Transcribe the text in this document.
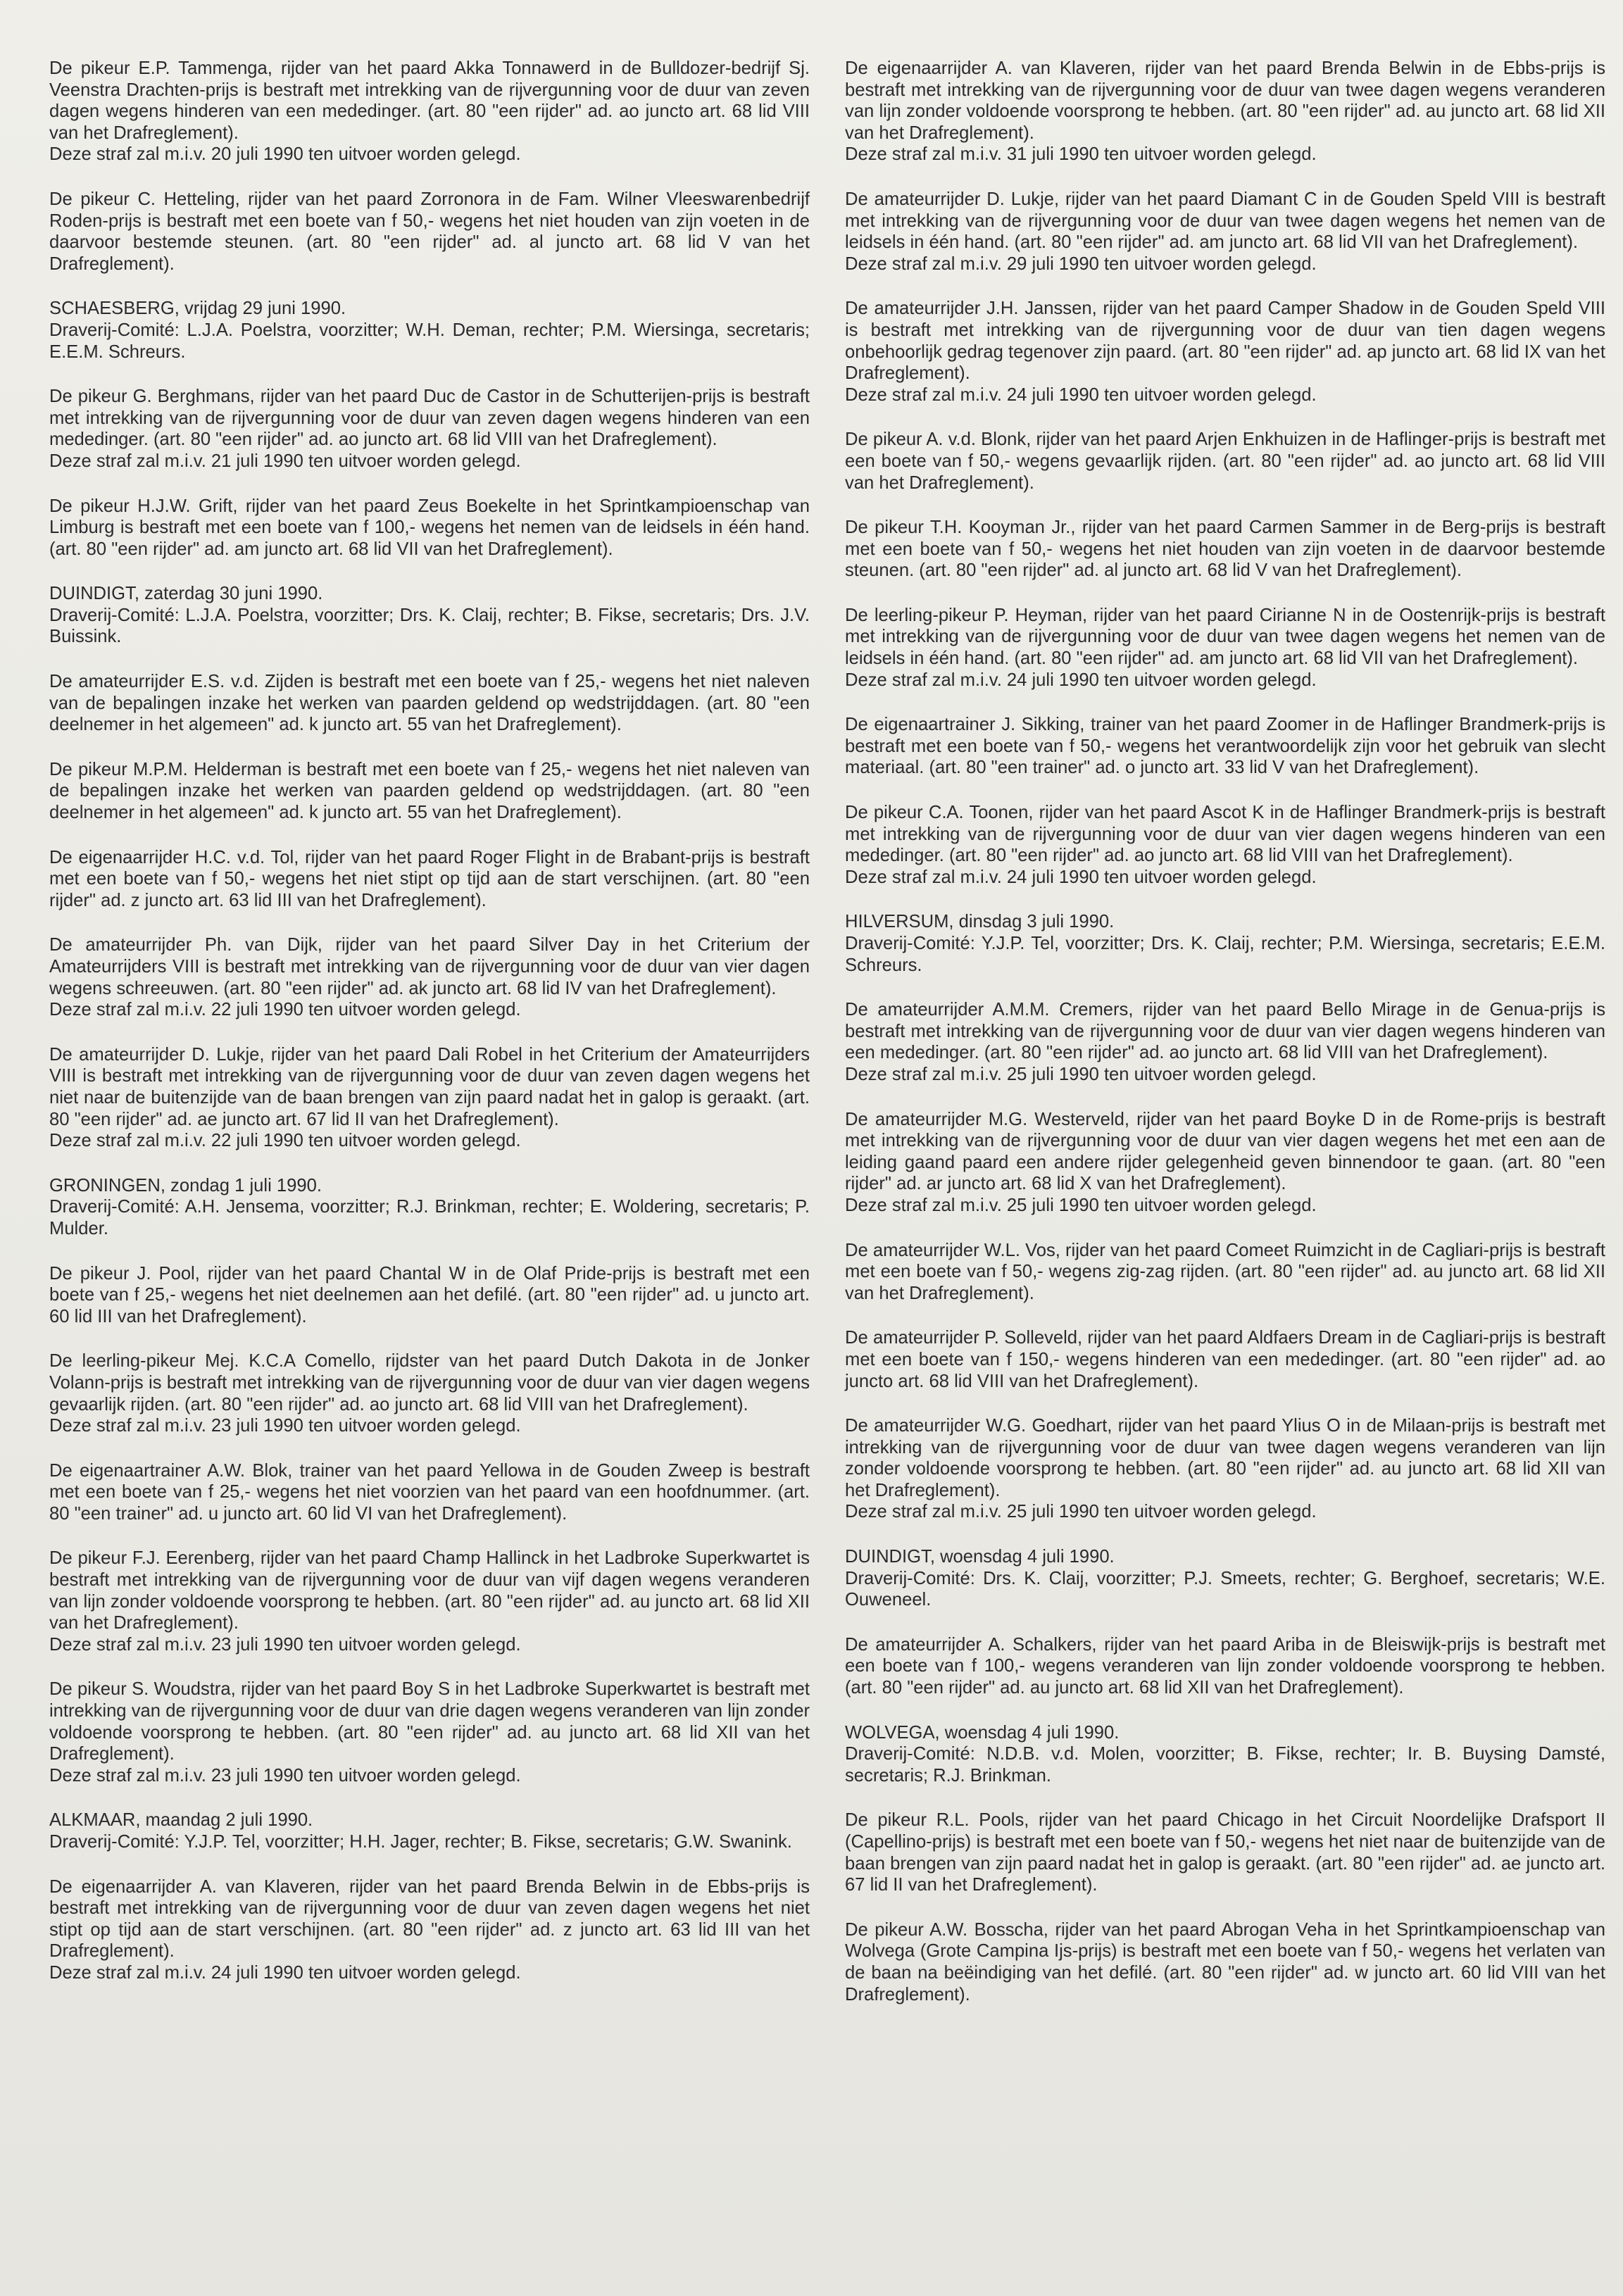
De pikeur E.P. Tammenga, rijder van het paard Akka Tonnawerd in de Bulldozer-bedrijf Sj. Veenstra Drachten-prijs is bestraft met intrekking van de rijvergunning voor de duur van zeven dagen wegens hinderen van een mededinger. (art. 80 "een rijder" ad. ao juncto art. 68 lid VIII van het Drafreglement).

Deze straf zal m.i.v. 20 juli 1990 ten uitvoer worden gelegd.

De pikeur C. Hetteling, rijder van het paard Zorronora in de Fam. Wilner Vleeswarenbedrijf Roden-prijs is bestraft met een boete van f 50,- wegens het niet houden van zijn voeten in de daarvoor bestemde steunen. (art. 80 "een rijder" ad. al juncto art. 68 lid V van het Drafreglement).

SCHAESBERG, vrijdag 29 juni 1990.

Draverij-Comité: L.J.A. Poelstra, voorzitter; W.H. Deman, rechter; P.M. Wiersinga, secretaris; E.E.M. Schreurs.

De pikeur G. Berghmans, rijder van het paard Duc de Castor in de Schutterijen-prijs is bestraft met intrekking van de rijvergunning voor de duur van zeven dagen wegens hinderen van een mededinger. (art. 80 "een rijder" ad. ao juncto art. 68 lid VIII van het Drafreglement).

Deze straf zal m.i.v. 21 juli 1990 ten uitvoer worden gelegd.

De pikeur H.J.W. Grift, rijder van het paard Zeus Boekelte in het Sprintkampioenschap van Limburg is bestraft met een boete van f 100,- wegens het nemen van de leidsels in één hand. (art. 80 "een rijder" ad. am juncto art. 68 lid VII van het Drafreglement).

DUINDIGT, zaterdag 30 juni 1990.

Draverij-Comité: L.J.A. Poelstra, voorzitter; Drs. K. Claij, rechter; B. Fikse, secretaris; Drs. J.V. Buissink.

De amateurrijder E.S. v.d. Zijden is bestraft met een boete van f 25,- wegens het niet naleven van de bepalingen inzake het werken van paarden geldend op wedstrijddagen. (art. 80 "een deelnemer in het algemeen" ad. k juncto art. 55 van het Drafreglement).

De pikeur M.P.M. Helderman is bestraft met een boete van f 25,- wegens het niet naleven van de bepalingen inzake het werken van paarden geldend op wedstrijddagen. (art. 80 "een deelnemer in het algemeen" ad. k juncto art. 55 van het Drafreglement).

De eigenaarrijder H.C. v.d. Tol, rijder van het paard Roger Flight in de Brabant-prijs is bestraft met een boete van f 50,- wegens het niet stipt op tijd aan de start verschijnen. (art. 80 "een rijder" ad. z juncto art. 63 lid III van het Drafreglement).

De amateurrijder Ph. van Dijk, rijder van het paard Silver Day in het Criterium der Amateurrijders VIII is bestraft met intrekking van de rijvergunning voor de duur van vier dagen wegens schreeuwen. (art. 80 "een rijder" ad. ak juncto art. 68 lid IV van het Drafreglement).

Deze straf zal m.i.v. 22 juli 1990 ten uitvoer worden gelegd.

De amateurrijder D. Lukje, rijder van het paard Dali Robel in het Criterium der Amateurrijders VIII is bestraft met intrekking van de rijvergunning voor de duur van zeven dagen wegens het niet naar de buitenzijde van de baan brengen van zijn paard nadat het in galop is geraakt. (art. 80 "een rijder" ad. ae juncto art. 67 lid II van het Drafreglement).

Deze straf zal m.i.v. 22 juli 1990 ten uitvoer worden gelegd.

GRONINGEN, zondag 1 juli 1990.

Draverij-Comité: A.H. Jensema, voorzitter; R.J. Brinkman, rechter; E. Woldering, secretaris; P. Mulder.

De pikeur J. Pool, rijder van het paard Chantal W in de Olaf Pride-prijs is bestraft met een boete van f 25,- wegens het niet deelnemen aan het defilé. (art. 80 "een rijder" ad. u juncto art. 60 lid III van het Drafreglement).

De leerling-pikeur Mej. K.C.A Comello, rijdster van het paard Dutch Dakota in de Jonker Volann-prijs is bestraft met intrekking van de rijvergunning voor de duur van vier dagen wegens gevaarlijk rijden. (art. 80 "een rijder" ad. ao juncto art. 68 lid VIII van het Drafreglement).

Deze straf zal m.i.v. 23 juli 1990 ten uitvoer worden gelegd.

De eigenaartrainer A.W. Blok, trainer van het paard Yellowa in de Gouden Zweep is bestraft met een boete van f 25,- wegens het niet voorzien van het paard van een hoofdnummer. (art. 80 "een trainer" ad. u juncto art. 60 lid VI van het Drafreglement).

De pikeur F.J. Eerenberg, rijder van het paard Champ Hallinck in het Ladbroke Superkwartet is bestraft met intrekking van de rijvergunning voor de duur van vijf dagen wegens veranderen van lijn zonder voldoende voorsprong te hebben. (art. 80 "een rijder" ad. au juncto art. 68 lid XII van het Drafreglement).

Deze straf zal m.i.v. 23 juli 1990 ten uitvoer worden gelegd.

De pikeur S. Woudstra, rijder van het paard Boy S in het Ladbroke Superkwartet is bestraft met intrekking van de rijvergunning voor de duur van drie dagen wegens veranderen van lijn zonder voldoende voorsprong te hebben. (art. 80 "een rijder" ad. au juncto art. 68 lid XII van het Drafreglement).

Deze straf zal m.i.v. 23 juli 1990 ten uitvoer worden gelegd.

ALKMAAR, maandag 2 juli 1990.

Draverij-Comité: Y.J.P. Tel, voorzitter; H.H. Jager, rechter; B. Fikse, secretaris; G.W. Swanink.

De eigenaarrijder A. van Klaveren, rijder van het paard Brenda Belwin in de Ebbs-prijs is bestraft met intrekking van de rijvergunning voor de duur van zeven dagen wegens het niet stipt op tijd aan de start verschijnen. (art. 80 "een rijder" ad. z juncto art. 63 lid III van het Drafreglement).

Deze straf zal m.i.v. 24 juli 1990 ten uitvoer worden gelegd.

De eigenaarrijder A. van Klaveren, rijder van het paard Brenda Belwin in de Ebbs-prijs is bestraft met intrekking van de rijvergunning voor de duur van twee dagen wegens veranderen van lijn zonder voldoende voorsprong te hebben. (art. 80 "een rijder" ad. au juncto art. 68 lid XII van het Drafreglement).

Deze straf zal m.i.v. 31 juli 1990 ten uitvoer worden gelegd.

De amateurrijder D. Lukje, rijder van het paard Diamant C in de Gouden Speld VIII is bestraft met intrekking van de rijvergunning voor de duur van twee dagen wegens het nemen van de leidsels in één hand. (art. 80 "een rijder" ad. am juncto art. 68 lid VII van het Drafreglement).

Deze straf zal m.i.v. 29 juli 1990 ten uitvoer worden gelegd.

De amateurrijder J.H. Janssen, rijder van het paard Camper Shadow in de Gouden Speld VIII is bestraft met intrekking van de rijvergunning voor de duur van tien dagen wegens onbehoorlijk gedrag tegenover zijn paard. (art. 80 "een rijder" ad. ap juncto art. 68 lid IX van het Drafreglement).

Deze straf zal m.i.v. 24 juli 1990 ten uitvoer worden gelegd.

De pikeur A. v.d. Blonk, rijder van het paard Arjen Enkhuizen in de Haflinger-prijs is bestraft met een boete van f 50,- wegens gevaarlijk rijden. (art. 80 "een rijder" ad. ao juncto art. 68 lid VIII van het Drafreglement).

De pikeur T.H. Kooyman Jr., rijder van het paard Carmen Sammer in de Berg-prijs is bestraft met een boete van f 50,- wegens het niet houden van zijn voeten in de daarvoor bestemde steunen. (art. 80 "een rijder" ad. al juncto art. 68 lid V van het Drafreglement).

De leerling-pikeur P. Heyman, rijder van het paard Cirianne N in de Oostenrijk-prijs is bestraft met intrekking van de rijvergunning voor de duur van twee dagen wegens het nemen van de leidsels in één hand. (art. 80 "een rijder" ad. am juncto art. 68 lid VII van het Drafreglement).

Deze straf zal m.i.v. 24 juli 1990 ten uitvoer worden gelegd.

De eigenaartrainer J. Sikking, trainer van het paard Zoomer in de Haflinger Brandmerk-prijs is bestraft met een boete van f 50,- wegens het verantwoordelijk zijn voor het gebruik van slecht materiaal. (art. 80 "een trainer" ad. o juncto art. 33 lid V van het Drafreglement).

De pikeur C.A. Toonen, rijder van het paard Ascot K in de Haflinger Brandmerk-prijs is bestraft met intrekking van de rijvergunning voor de duur van vier dagen wegens hinderen van een mededinger. (art. 80 "een rijder" ad. ao juncto art. 68 lid VIII van het Drafreglement).

Deze straf zal m.i.v. 24 juli 1990 ten uitvoer worden gelegd.

HILVERSUM, dinsdag 3 juli 1990.

Draverij-Comité: Y.J.P. Tel, voorzitter; Drs. K. Claij, rechter; P.M. Wiersinga, secretaris; E.E.M. Schreurs.

De amateurrijder A.M.M. Cremers, rijder van het paard Bello Mirage in de Genua-prijs is bestraft met intrekking van de rijvergunning voor de duur van vier dagen wegens hinderen van een mededinger. (art. 80 "een rijder" ad. ao juncto art. 68 lid VIII van het Drafreglement).

Deze straf zal m.i.v. 25 juli 1990 ten uitvoer worden gelegd.

De amateurrijder M.G. Westerveld, rijder van het paard Boyke D in de Rome-prijs is bestraft met intrekking van de rijvergunning voor de duur van vier dagen wegens het met een aan de leiding gaand paard een andere rijder gelegenheid geven binnendoor te gaan. (art. 80 "een rijder" ad. ar juncto art. 68 lid X van het Drafreglement).

Deze straf zal m.i.v. 25 juli 1990 ten uitvoer worden gelegd.

De amateurrijder W.L. Vos, rijder van het paard Comeet Ruimzicht in de Cagliari-prijs is bestraft met een boete van f 50,- wegens zig-zag rijden. (art. 80 "een rijder" ad. au juncto art. 68 lid XII van het Drafreglement).

De amateurrijder P. Solleveld, rijder van het paard Aldfaers Dream in de Cagliari-prijs is bestraft met een boete van f 150,- wegens hinderen van een mededinger. (art. 80 "een rijder" ad. ao juncto art. 68 lid VIII van het Drafreglement).

De amateurrijder W.G. Goedhart, rijder van het paard Ylius O in de Milaan-prijs is bestraft met intrekking van de rijvergunning voor de duur van twee dagen wegens veranderen van lijn zonder voldoende voorsprong te hebben. (art. 80 "een rijder" ad. au juncto art. 68 lid XII van het Drafreglement).

Deze straf zal m.i.v. 25 juli 1990 ten uitvoer worden gelegd.

DUINDIGT, woensdag 4 juli 1990.

Draverij-Comité: Drs. K. Claij, voorzitter; P.J. Smeets, rechter; G. Berghoef, secretaris; W.E. Ouweneel.

De amateurrijder A. Schalkers, rijder van het paard Ariba in de Bleiswijk-prijs is bestraft met een boete van f 100,- wegens veranderen van lijn zonder voldoende voorsprong te hebben. (art. 80 "een rijder" ad. au juncto art. 68 lid XII van het Drafreglement).

WOLVEGA, woensdag 4 juli 1990.

Draverij-Comité: N.D.B. v.d. Molen, voorzitter; B. Fikse, rechter; Ir. B. Buysing Damsté, secretaris; R.J. Brinkman.

De pikeur R.L. Pools, rijder van het paard Chicago in het Circuit Noordelijke Drafsport II (Capellino-prijs) is bestraft met een boete van f 50,- wegens het niet naar de buitenzijde van de baan brengen van zijn paard nadat het in galop is geraakt. (art. 80 "een rijder" ad. ae juncto art. 67 lid II van het Drafreglement).

De pikeur A.W. Bosscha, rijder van het paard Abrogan Veha in het Sprintkampioenschap van Wolvega (Grote Campina Ijs-prijs) is bestraft met een boete van f 50,- wegens het verlaten van de baan na beëindiging van het defilé. (art. 80 "een rijder" ad. w juncto art. 60 lid VIII van het Drafreglement).
